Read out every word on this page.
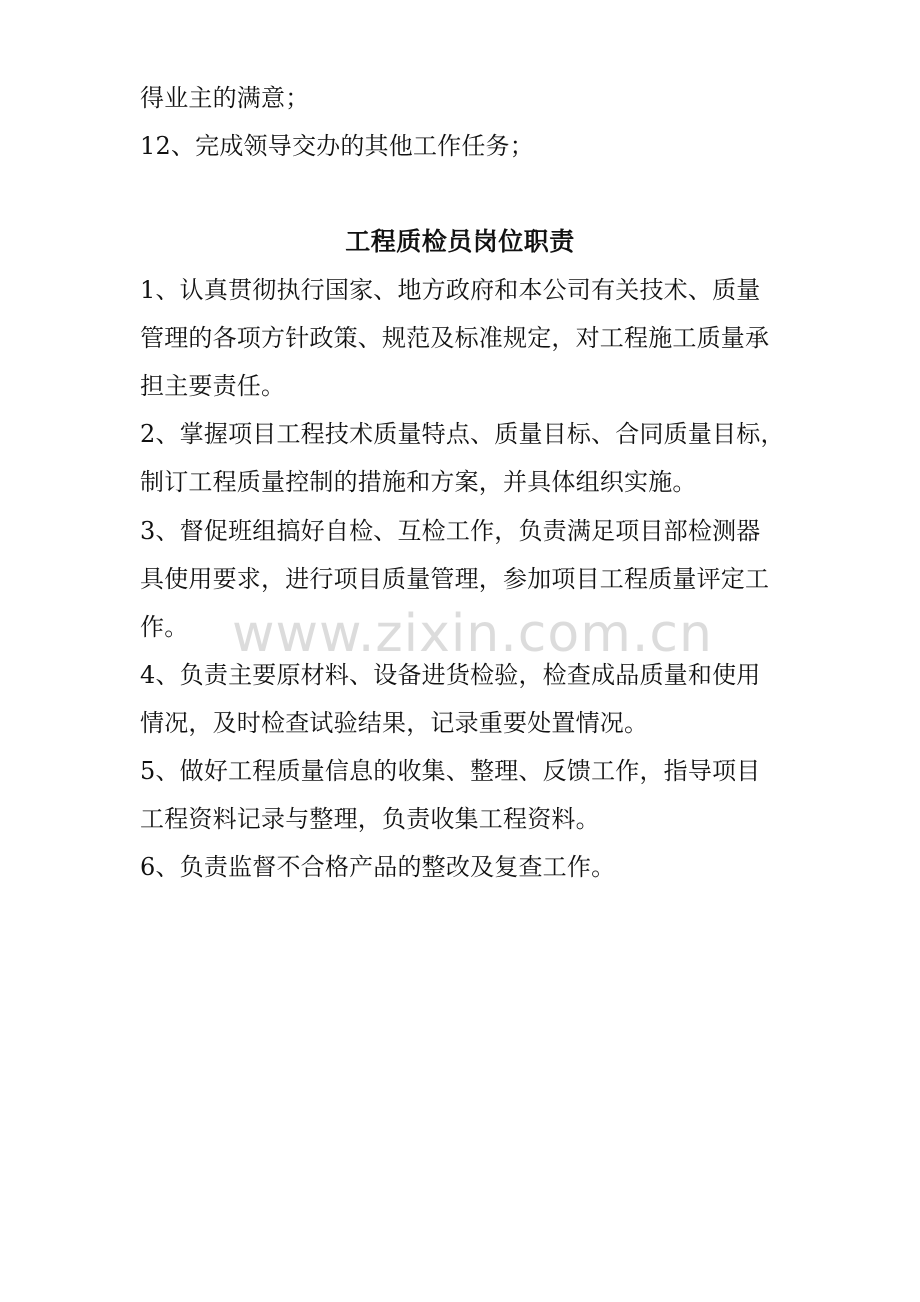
得业主的满意；
12、完成领导交办的其他工作任务；
工程质检员岗位职责
1、认真贯彻执行国家、地方政府和本公司有关技术、质量
管理的各项方针政策、规范及标准规定，对工程施工质量承
担主要责任。
2、掌握项目工程技术质量特点、质量目标、合同质量目标，
制订工程质量控制的措施和方案，并具体组织实施。
3、督促班组搞好自检、互检工作，负责满足项目部检测器
具使用要求，进行项目质量管理，参加项目工程质量评定工
作。
4、负责主要原材料、设备进货检验，检查成品质量和使用
情况，及时检查试验结果，记录重要处置情况。
5、做好工程质量信息的收集、整理、反馈工作，指导项目
工程资料记录与整理，负责收集工程资料。
6、负责监督不合格产品的整改及复查工作。
www.zixin.com.cn
